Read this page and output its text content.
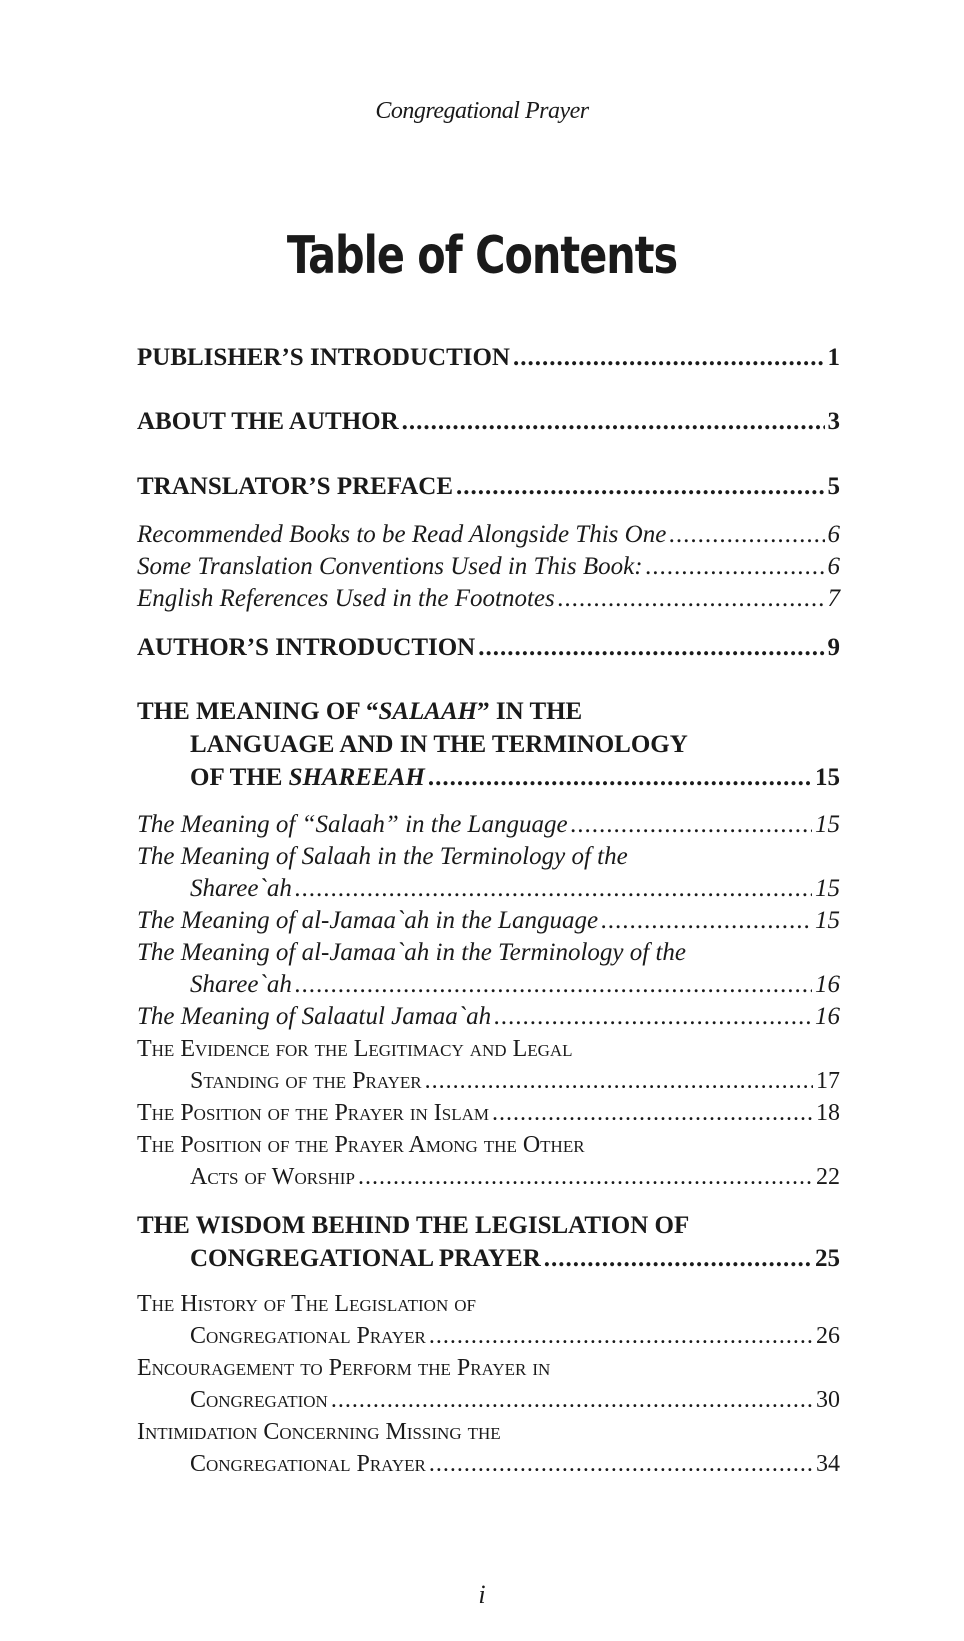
Congregational Prayer
Table of Contents
PUBLISHER’S INTRODUCTION .....	1
ABOUT THE AUTHOR .....	3
TRANSLATOR’S PREFACE .....	5
Recommended Books to be Read Alongside This One .....	6
Some Translation Conventions Used in This Book: .....	6
English References Used in the Footnotes .....	7
AUTHOR’S INTRODUCTION .....	9
THE MEANING OF “SALAAH” IN THE
LANGUAGE AND IN THE TERMINOLOGY
OF THE SHAREEAH .....	15
The Meaning of “Salaah” in the Language .....	15
The Meaning of Salaah in the Terminology of the
Sharee`ah .....	15
The Meaning of al-Jamaa`ah in the Language .....	15
The Meaning of al-Jamaa`ah in the Terminology of the
Sharee`ah .....	16
The Meaning of Salaatul Jamaa`ah .....	16
The Evidence for the Legitimacy and Legal
Standing of the Prayer .....	17
The Position of the Prayer in Islam .....	18
The Position of the Prayer Among the Other
Acts of Worship .....	22
THE WISDOM BEHIND THE LEGISLATION OF
CONGREGATIONAL PRAYER .....	25
The History of The Legislation of
Congregational Prayer .....	26
Encouragement to Perform the Prayer in
Congregation .....	30
Intimidation Concerning Missing the
Congregational Prayer .....	34
i
